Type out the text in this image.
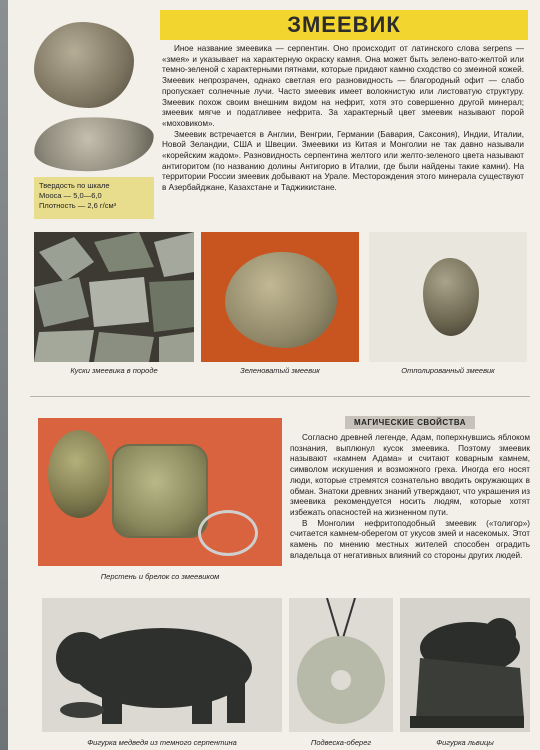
ЗМЕЕВИК
Твердость по шкале
Мооса — 5,0—6,0
Плотность — 2,6 г/см³

Иное название змеевика — серпентин. Оно происходит от латинского слова serpens — «змея» и указывает на характерную окраску камня. Она может быть зелено-вато-желтой или темно-зеленой с характерными пятнами, которые придают камню сходство со змеиной кожей. Змеевик непрозрачен, однако светлая его разновидность — благородный офит — слабо пропускает солнечные лучи. Часто змеевик имеет волокнистую или листоватую структуру. Змеевик похож своим внешним видом на нефрит, хотя это совершенно другой минерал; змеевик мягче и податливее нефрита. За характерный цвет змеевик называют порой «моховиком».

Змеевик встречается в Англии, Венгрии, Германии (Бавария, Саксония), Индии, Италии, Новой Зеландии, США и Швеции. Змеевики из Китая и Монголии не так давно называли «корейским жадом». Разновидность серпентина желтого или желто-зеленого цвета называют антигоритом (по названию долины Антигорио в Италии, где были найдены такие камни). На территории России змеевик добывают на Урале. Месторождения этого минерала существуют в Азербайджане, Казахстане и Таджикистане.

Куски змеевика в породе	Зеленоватый змеевик	Отполированный змеевик
Перстень и брелок со змеевиком
МАГИЧЕСКИЕ СВОЙСТВА

Согласно древней легенде, Адам, поперхнувшись яблоком познания, выплюнул кусок змеевика. Поэтому змеевик называют «камнем Адама» и считают коварным камнем, символом искушения и возможного греха. Иногда его носят люди, которые стремятся сознательно вводить окружающих в обман. Знатоки древних знаний утверждают, что украшения из змеевика рекомендуется носить людям, которые хотят избежать опасностей на жизненном пути.

В Монголии нефритоподобный змеевик («толигор») считается камнем-оберегом от укусов змей и насекомых. Этот камень по мнению местных жителей способен оградить владельца от негативных влияний со стороны других людей.

Фигурка медведя из темного серпентина	Подвеска-оберег	Фигурка львицы
